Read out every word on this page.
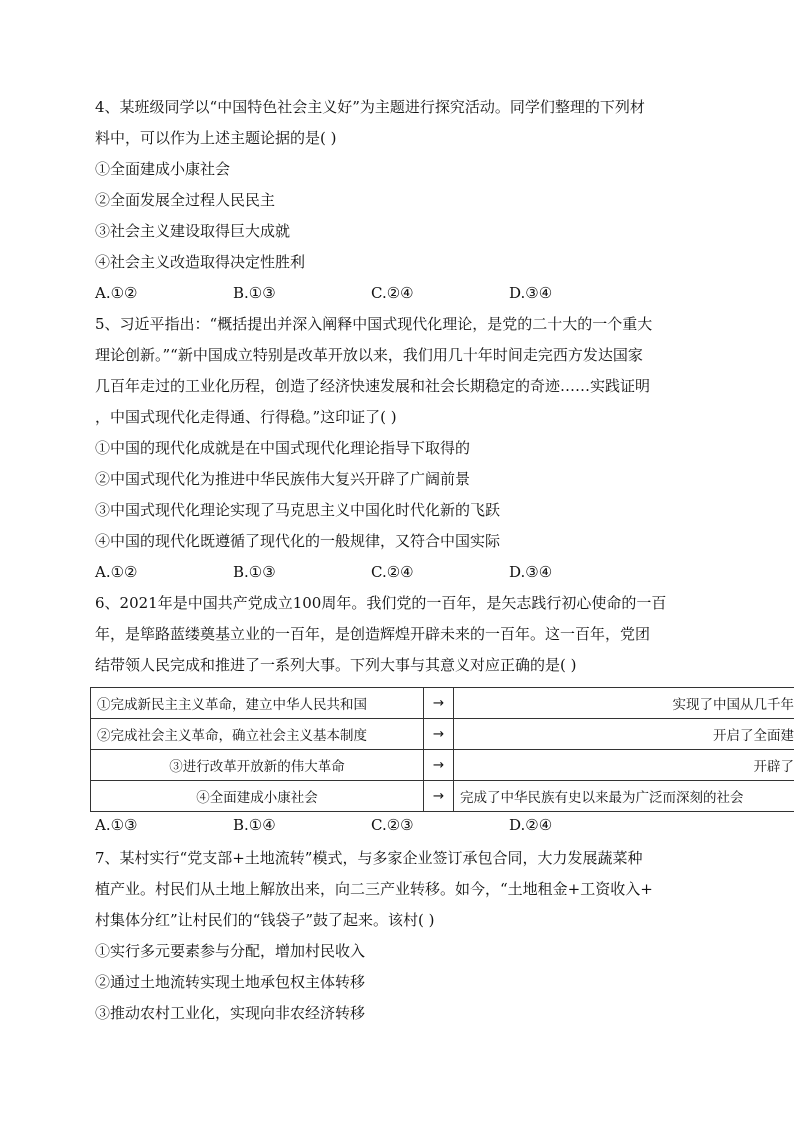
4、某班级同学以“中国特色社会主义好”为主题进行探究活动。同学们整理的下列材
料中，可以作为上述主题论据的是( )
①全面建成小康社会
②全面发展全过程人民民主
③社会主义建设取得巨大成就
④社会主义改造取得决定性胜利
A.①②	B.①③	C.②④	D.③④
5、习近平指出：“概括提出并深入阐释中国式现代化理论，是党的二十大的一个重大
理论创新。”“新中国成立特别是改革开放以来，我们用几十年时间走完西方发达国家
几百年走过的工业化历程，创造了经济快速发展和社会长期稳定的奇迹……实践证明
，中国式现代化走得通、行得稳。”这印证了( )
①中国的现代化成就是在中国式现代化理论指导下取得的
②中国式现代化为推进中华民族伟大复兴开辟了广阔前景
③中国式现代化理论实现了马克思主义中国化时代化新的飞跃
④中国的现代化既遵循了现代化的一般规律，又符合中国实际
A.①②	B.①③	C.②④	D.③④
6、2021年是中国共产党成立100周年。我们党的一百年，是矢志践行初心使命的一百
年，是筚路蓝缕奠基立业的一百年，是创造辉煌开辟未来的一百年。这一百年，党团
结带领人民完成和推进了一系列大事。下列大事与其意义对应正确的是( )
①完成新民主主义革命，建立中华人民共和国	→	实现了中国从几千年
②完成社会主义革命，确立社会主义基本制度	→	开启了全面建
③进行改革开放新的伟大革命	→	开辟了
④全面建成小康社会	→	完成了中华民族有史以来最为广泛而深刻的社会
A.①③	B.①④	C.②③	D.②④
7、某村实行“党支部+土地流转”模式，与多家企业签订承包合同，大力发展蔬菜种
植产业。村民们从土地上解放出来，向二三产业转移。如今，“土地租金+工资收入+
村集体分红”让村民们的“钱袋子”鼓了起来。该村( )
①实行多元要素参与分配，增加村民收入
②通过土地流转实现土地承包权主体转移
③推动农村工业化，实现向非农经济转移
